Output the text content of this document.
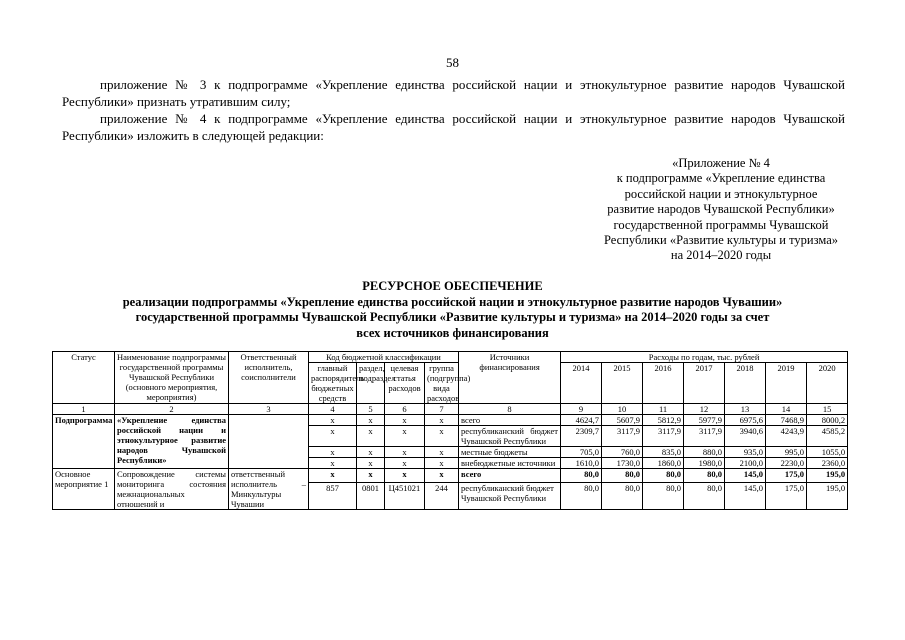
58
приложение № 3 к подпрограмме «Укрепление единства российской нации и этнокультурное развитие народов Чувашской Республики» признать утратившим силу;
приложение № 4 к подпрограмме «Укрепление единства российской нации и этнокультурное развитие народов Чувашской Республики» изложить в следующей редакции:
«Приложение № 4
к подпрограмме «Укрепление единства
российской нации и этнокультурное
развитие народов Чувашской Республики»
государственной программы Чувашской
Республики «Развитие культуры и туризма»
на 2014–2020 годы
РЕСУРСНОЕ ОБЕСПЕЧЕНИЕ
реализации подпрограммы «Укрепление единства российской нации и этнокультурное развитие народов Чувашии»
государственной программы Чувашской Республики «Развитие культуры и туризма» на 2014–2020 годы за счет
всех источников финансирования
Статус	Наименование подпрограммы государственной программы Чувашской Республики (основного мероприятия, мероприятия)	Ответственный исполнитель, соисполнители	Код бюджетной классификации				Источники финансирования	Расходы по годам, тыс. рублей						
			главный распорядитель бюджетных средств	раздел, подраздел	целевая статья расходов	группа (подгруппа) вида расходов		2014	2015	2016	2017	2018	2019	2020
1	2	3	4	5	6	7	8	9	10	11	12	13	14	15
Подпрограмма	«Укрепление единства российской нации и этнокультурное развитие народов Чувашской Республики»		x	x	x	x	всего	4624,7	5607,9	5812,9	5977,9	6975,6	7468,9	8000,2
			x	x	x	x	республиканский бюджет Чувашской Республики	2309,7	3117,9	3117,9	3117,9	3940,6	4243,9	4585,2
			x	x	x	x	местные бюджеты	705,0	760,0	835,0	880,0	935,0	995,0	1055,0
			x	x	x	x	внебюджетные источники	1610,0	1730,0	1860,0	1980,0	2100,0	2230,0	2360,0
Основное мероприятие 1	Сопровождение системы мониторинга состояния межнациональных отношений и	ответственный исполнитель – Минкультуры Чувашии	x	x	x	x	всего	80,0	80,0	80,0	80,0	145,0	175,0	195,0
			857	0801	Ц451021	244	республиканский бюджет Чувашской Республики	80,0	80,0	80,0	80,0	145,0	175,0	195,0
